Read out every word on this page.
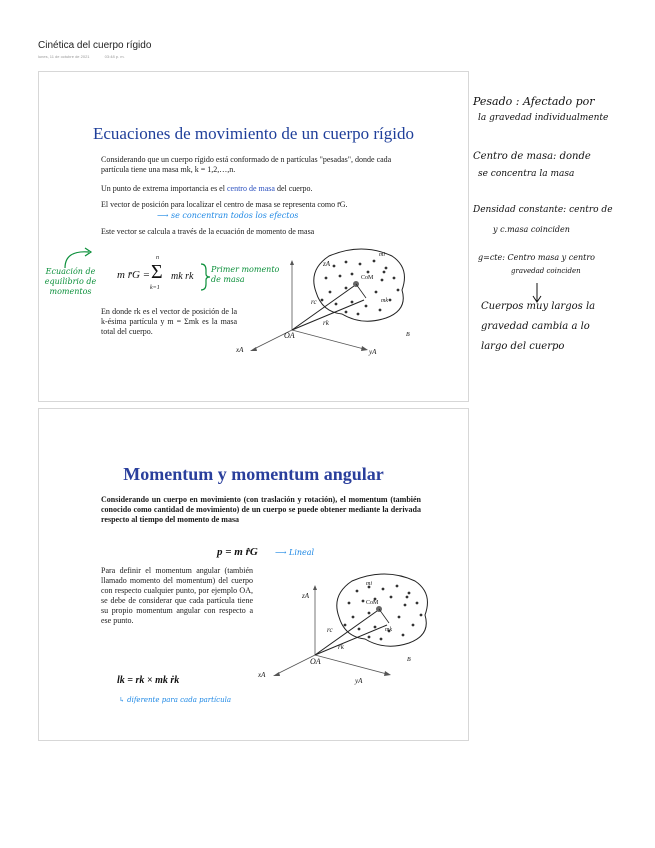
Cinética del cuerpo rígido
lunes, 11 de octubre de 2021	03:48 p. m.
Ecuaciones de movimiento de un cuerpo rígido
Considerando que un cuerpo rígido está conformado de n partículas "pesadas", donde cada partícula tiene una masa mk, k = 1,2,…,n.
Un punto de extrema importancia es el centro de masa del cuerpo.
El vector de posición para localizar el centro de masa se representa como r̄G.
⟶ se concentran todos los efectos
Este vector se calcula a través de la ecuación de momento de masa
m r̄G =
n
Σ
k=1
mk rk
Primer momento de masa
Ecuación de equilibrio de momentos
En donde rk es el vector de posición de la k-ésima partícula y m = Σmk es la masa total del cuerpo.
zA
xA	yA
OA
mi
CoM
mk
rc
rk
B
Momentum y momentum angular
Considerando un cuerpo en movimiento (con traslación y rotación), el momentum (también conocido como cantidad de movimiento) de un cuerpo se puede obtener mediante la derivada respecto al tiempo del momento de masa
p = m r̄̇G ⟶ Lineal
Para definir el momentum angular (también llamado momento del momentum) del cuerpo con respecto cualquier punto, por ejemplo OA, se debe de considerar que cada partícula tiene su propio momentum angular con respecto a ese punto.
lk = rk × mk ṙk
↳ diferente para cada partícula
zA
xA
yA
OA
mi
CoM
mk
rc
rk
B
Pesado : Afectado por
la gravedad individualmente
Centro de masa: donde
se concentra la masa
Densidad constante: centro de
y c.masa coinciden
g=cte: Centro masa y centro
gravedad coinciden
Cuerpos muy largos la
gravedad cambia a lo
largo del cuerpo
